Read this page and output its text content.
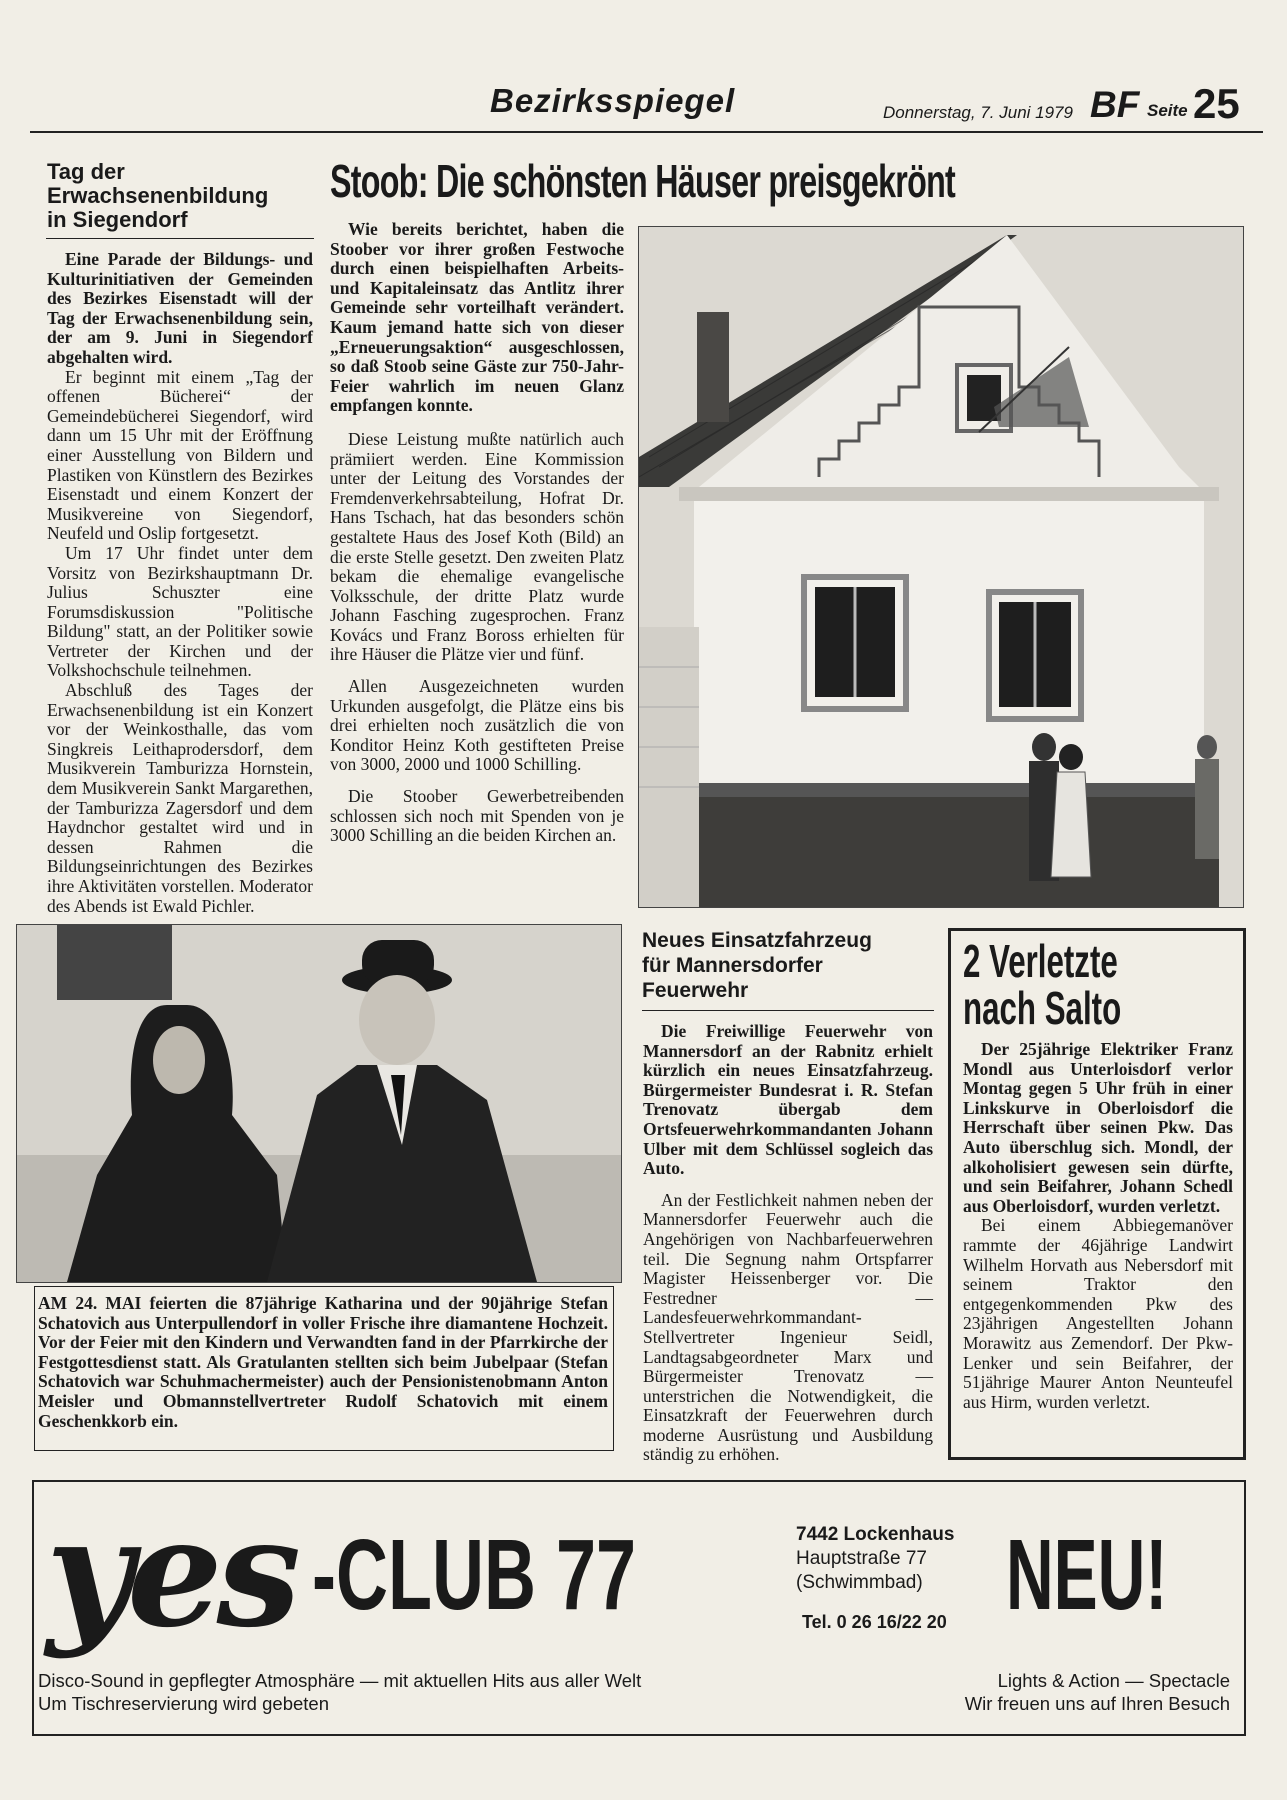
Bezirksspiegel	Donnerstag, 7. Juni 1979 BF Seite 25
Tag der
Erwachsenenbildung
in Siegendorf

Eine Parade der Bildungs- und Kulturinitiativen der Gemeinden des Bezirkes Eisenstadt will der Tag der Erwachsenenbildung sein, der am 9. Juni in Siegendorf abgehalten wird.

Er beginnt mit einem „Tag der offenen Bücherei“ der Gemeindebücherei Siegendorf, wird dann um 15 Uhr mit der Eröffnung einer Ausstellung von Bildern und Plastiken von Künstlern des Bezirkes Eisenstadt und einem Konzert der Musikvereine von Siegendorf, Neufeld und Oslip fortgesetzt.

Um 17 Uhr findet unter dem Vorsitz von Bezirkshauptmann Dr. Julius Schuszter eine Forumsdiskussion "Politische Bildung" statt, an der Politiker sowie Vertreter der Kirchen und der Volkshochschule teilnehmen.

Abschluß des Tages der Erwachsenenbildung ist ein Konzert vor der Weinkosthalle, das vom Singkreis Leithaprodersdorf, dem Musikverein Tamburizza Hornstein, dem Musikverein Sankt Margarethen, der Tamburizza Zagersdorf und dem Haydnchor gestaltet wird und in dessen Rahmen die Bildungseinrichtungen des Bezirkes ihre Aktivitäten vorstellen. Moderator des Abends ist Ewald Pichler.

Stoob: Die schönsten Häuser preisgekrönt

Wie bereits berichtet, haben die Stoober vor ihrer großen Festwoche durch einen beispielhaften Arbeits- und Kapitaleinsatz das Antlitz ihrer Gemeinde sehr vorteilhaft verändert. Kaum jemand hatte sich von dieser „Erneuerungsaktion“ ausgeschlossen, so daß Stoob seine Gäste zur 750-Jahr-Feier wahrlich im neuen Glanz empfangen konnte.

Diese Leistung mußte natürlich auch prämiiert werden. Eine Kommission unter der Leitung des Vorstandes der Fremdenverkehrsabteilung, Hofrat Dr. Hans Tschach, hat das besonders schön gestaltete Haus des Josef Koth (Bild) an die erste Stelle gesetzt. Den zweiten Platz bekam die ehemalige evangelische Volksschule, der dritte Platz wurde Johann Fasching zugesprochen. Franz Kovács und Franz Boross erhielten für ihre Häuser die Plätze vier und fünf.

Allen Ausgezeichneten wurden Urkunden ausgefolgt, die Plätze eins bis drei erhielten noch zusätzlich die von Konditor Heinz Koth gestifteten Preise von 3000, 2000 und 1000 Schilling.

Die Stoober Gewerbetreibenden schlossen sich noch mit Spenden von je 3000 Schilling an die beiden Kirchen an.

AM 24. MAI feierten die 87jährige Katharina und der 90jährige Stefan Schatovich aus Unterpullendorf in voller Frische ihre diamantene Hochzeit. Vor der Feier mit den Kindern und Verwandten fand in der Pfarrkirche der Festgottesdienst statt. Als Gratulanten stellten sich beim Jubelpaar (Stefan Schatovich war Schuhmachermeister) auch der Pensionistenobmann Anton Meisler und Obmannstellvertreter Rudolf Schatovich mit einem Geschenkkorb ein.
Neues Einsatzfahrzeug
für Mannersdorfer
Feuerwehr

Die Freiwillige Feuerwehr von Mannersdorf an der Rabnitz erhielt kürzlich ein neues Einsatzfahrzeug. Bürgermeister Bundesrat i. R. Stefan Trenovatz übergab dem Ortsfeuerwehrkommandanten Johann Ulber mit dem Schlüssel sogleich das Auto.

An der Festlichkeit nahmen neben der Mannersdorfer Feuerwehr auch die Angehörigen von Nachbarfeuerwehren teil. Die Segnung nahm Ortspfarrer Magister Heissenberger vor. Die Festredner — Landesfeuerwehrkommandant-Stellvertreter Ingenieur Seidl, Landtagsabgeordneter Marx und Bürgermeister Trenovatz — unterstrichen die Notwendigkeit, die Einsatzkraft der Feuerwehren durch moderne Ausrüstung und Ausbildung ständig zu erhöhen.

2 Verletzte
nach Salto

Der 25jährige Elektriker Franz Mondl aus Unterloisdorf verlor Montag gegen 5 Uhr früh in einer Linkskurve in Oberloisdorf die Herrschaft über seinen Pkw. Das Auto überschlug sich. Mondl, der alkoholisiert gewesen sein dürfte, und sein Beifahrer, Johann Schedl aus Oberloisdorf, wurden verletzt.

Bei einem Abbiegemanöver rammte der 46jährige Landwirt Wilhelm Horvath aus Nebersdorf mit seinem Traktor den entgegenkommenden Pkw des 23jährigen Angestellten Johann Morawitz aus Zemendorf. Der Pkw-Lenker und sein Beifahrer, der 51jährige Maurer Anton Neunteufel aus Hirm, wurden verletzt.

yes -CLUB 77	7442 Lockenhaus
Hauptstraße 77
(Schwimmbad)
Tel. 0 26 16/22 20 NEU!
Disco-Sound in gepflegter Atmosphäre — mit aktuellen Hits aus aller Welt
Um Tischreservierung wird gebeten
Lights & Action — Spectacle
Wir freuen uns auf Ihren Besuch
